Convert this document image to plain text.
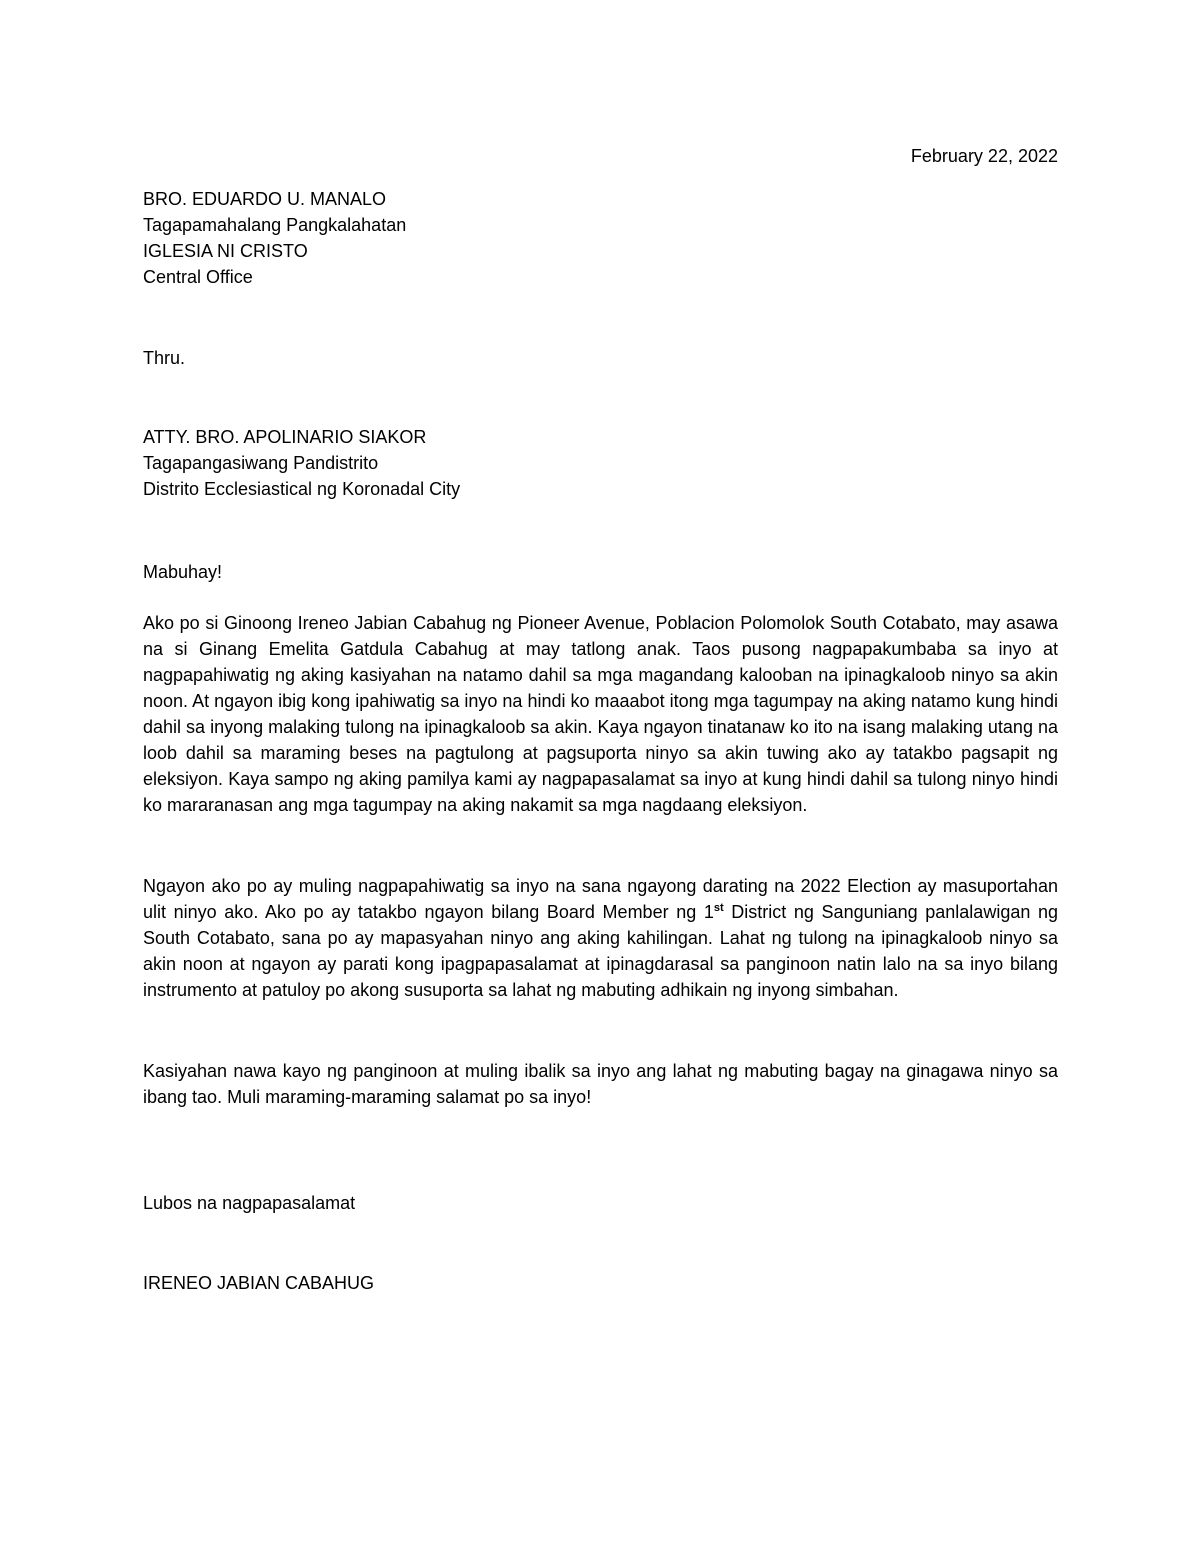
February 22, 2022
BRO. EDUARDO U. MANALO
Tagapamahalang Pangkalahatan
IGLESIA NI CRISTO
Central Office
Thru.
ATTY. BRO. APOLINARIO SIAKOR
Tagapangasiwang Pandistrito
Distrito Ecclesiastical ng Koronadal City
Mabuhay!
Ako po si Ginoong Ireneo Jabian Cabahug ng Pioneer Avenue, Poblacion Polomolok South Cotabato, may asawa na si Ginang Emelita Gatdula Cabahug at may tatlong anak. Taos pusong nagpapakumbaba sa inyo at nagpapahiwatig ng aking kasiyahan na natamo dahil sa mga magandang kalooban na ipinagkaloob ninyo sa akin noon. At ngayon ibig kong ipahiwatig sa inyo na hindi ko maaabot itong mga tagumpay na aking natamo kung hindi dahil sa inyong malaking tulong na ipinagkaloob sa akin. Kaya ngayon tinatanaw ko ito na isang malaking utang na loob dahil sa maraming beses na pagtulong at pagsuporta ninyo sa akin tuwing ako ay tatakbo pagsapit ng eleksiyon. Kaya sampo ng aking pamilya kami ay nagpapasalamat sa inyo at kung hindi dahil sa tulong ninyo hindi ko mararanasan ang mga tagumpay na aking nakamit sa mga nagdaang eleksiyon.
Ngayon ako po ay muling nagpapahiwatig sa inyo na sana ngayong darating na 2022 Election ay masuportahan ulit ninyo ako. Ako po ay tatakbo ngayon bilang Board Member ng 1st District ng Sanguniang panlalawigan ng South Cotabato, sana po ay mapasyahan ninyo ang aking kahilingan. Lahat ng tulong na ipinagkaloob ninyo sa akin noon at ngayon ay parati kong ipagpapasalamat at ipinagdarasal sa panginoon natin lalo na sa inyo bilang instrumento at patuloy po akong susuporta sa lahat ng mabuting adhikain ng inyong simbahan.
Kasiyahan nawa kayo ng panginoon at muling ibalik sa inyo ang lahat ng mabuting bagay na ginagawa ninyo sa ibang tao. Muli maraming-maraming salamat po sa inyo!
Lubos na nagpapasalamat
IRENEO JABIAN CABAHUG
